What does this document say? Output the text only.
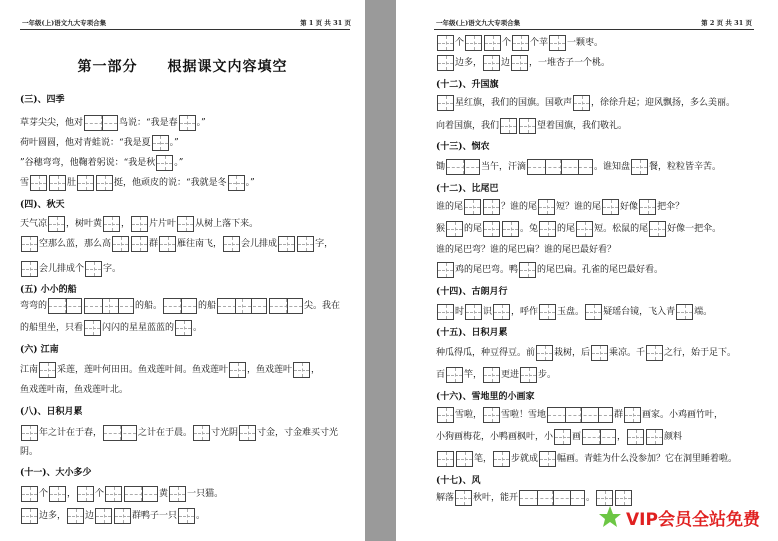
一年级(上)语文九大专项合集	第 1 页 共 31 页
第一部分　　根据课文内容填空
(三)、四季
草芽尖尖，他对	鸟说：“我是春 。”
荷叶圆圆，他对青蛙说：“我是夏 。”
”谷穗弯弯，他鞠着躬说：“我是秋 。”
雪	肚	挺，他顽皮的说：“我就是冬 。”
(四)、秋天
天气凉 ，树叶黄 ， 片片叶 从树上落下来。
空那么蓝，那么高	群 雁往南飞， 会儿排成	字，
会儿排成个 字。
(五) 小小的船
弯弯的	的船。	的船	尖。我在
的船里坐，只看 闪闪的星星蓝蓝的 。
(六) 江南
江南 采莲，莲叶何田田。鱼戏莲叶间。鱼戏莲叶 ，鱼戏莲叶 ，
鱼戏莲叶南，鱼戏莲叶北。
(八)、日积月累
年之计在于春，	之计在于晨。 寸光阴 寸金，寸金难买寸光
阴。
(十一)、大小多少
个 ， 个	黄 一只猫。
边多， 边	群鸭子一只 。
一年级(上)语文九大专项合集	第 2 页 共 31 页
个	个 个苹 一颗枣。
边多， 边 ，一堆杏子一个桃。
(十二)、升国旗
星红旗，我们的国旗。国歌声 ，徐徐升起；迎风飘扬，多么美丽。
向着国旗，我们	望着国旗，我们敬礼。
(十三)、悯农
锄	当午，汗滴	。谁知盘 餐，粒粒皆辛苦。
(十二)、比尾巴
谁的尾	？谁的尾 短？谁的尾 好像 把伞？
猴 的尾	。兔 的尾 短。松鼠的尾 好像一把伞。
谁的尾巴弯？谁的尾巴扁？谁的尾巴最好看？
鸡的尾巴弯。鸭 的尾巴扁。孔雀的尾巴最好看。
(十四)、古朗月行
时 识 ，呼作 玉盘。 疑瑶台镜，飞入青 端。
(十五)、日积月累
种瓜得瓜，种豆得豆。前 栽树，后 乘凉。千 之行，始于足下。
百 竿， 更进 步。
(十六)、雪地里的小画家
雪啦， 雪啦！雪地	群 画家。小鸡画竹叶，
小狗画梅花，小鸭画枫叶，小 画	，	颜料
笔， 步就成 幅画。青蛙为什么没参加？它在洞里睡着啦。
(十七)、风
解落 秋叶，能开	。
VIP会员全站免费
